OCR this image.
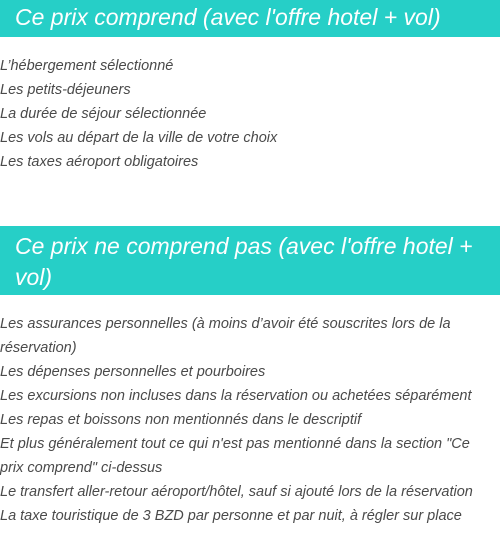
Ce prix comprend (avec l'offre hotel + vol)
L’hébergement sélectionné
Les petits-déjeuners
La durée de séjour sélectionnée
Les vols au départ de la ville de votre choix
Les taxes aéroport obligatoires
Ce prix ne comprend pas (avec l'offre hotel + vol)
Les assurances personnelles (à moins d’avoir été souscrites lors de la réservation)
Les dépenses personnelles et pourboires
Les excursions non incluses dans la réservation ou achetées séparément
Les repas et boissons non mentionnés dans le descriptif
Et plus généralement tout ce qui n'est pas mentionné dans la section "Ce prix comprend" ci-dessus
Le transfert aller-retour aéroport/hôtel, sauf si ajouté lors de la réservation
La taxe touristique de 3 BZD par personne et par nuit, à régler sur place
